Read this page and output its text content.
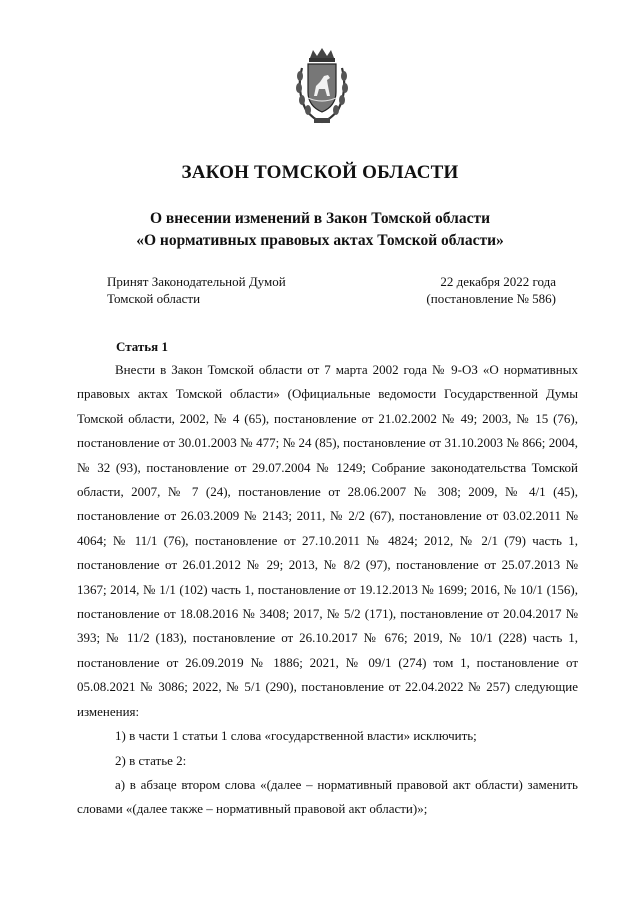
ЗАКОН ТОМСКОЙ ОБЛАСТИ
О внесении изменений в Закон Томской области
«О нормативных правовых актах Томской области»
Принят Законодательной Думой
Томской области
22 декабря 2022 года
(постановление № 586)
Статья 1

Внести в Закон Томской области от 7 марта 2002 года № 9-ОЗ «О нормативных правовых актах Томской области» (Официальные ведомости Государственной Думы Томской области, 2002, № 4 (65), постановление от 21.02.2002 № 49; 2003, № 15 (76), постановление от 30.01.2003 № 477; № 24 (85), постановление от 31.10.2003 № 866; 2004, № 32 (93), постановление от 29.07.2004 № 1249; Собрание законодательства Томской области, 2007, № 7 (24), постановление от 28.06.2007 № 308; 2009, № 4/1 (45), постановление от 26.03.2009 № 2143; 2011, № 2/2 (67), постановление от 03.02.2011 № 4064; № 11/1 (76), постановление от 27.10.2011 № 4824; 2012, № 2/1 (79) часть 1, постановление от 26.01.2012 № 29; 2013, № 8/2 (97), постановление от 25.07.2013 № 1367; 2014, № 1/1 (102) часть 1, постановление от 19.12.2013 № 1699; 2016, № 10/1 (156), постановление от 18.08.2016 № 3408; 2017, № 5/2 (171), постановление от 20.04.2017 № 393; № 11/2 (183), постановление от 26.10.2017 № 676; 2019, № 10/1 (228) часть 1, постановление от 26.09.2019 № 1886; 2021, № 09/1 (274) том 1, постановление от 05.08.2021 № 3086; 2022, № 5/1 (290), постановление от 22.04.2022 № 257) следующие изменения:

1) в части 1 статьи 1 слова «государственной власти» исключить;

2) в статье 2:

а) в абзаце втором слова «(далее – нормативный правовой акт области) заменить словами «(далее также – нормативный правовой акт области)»;
